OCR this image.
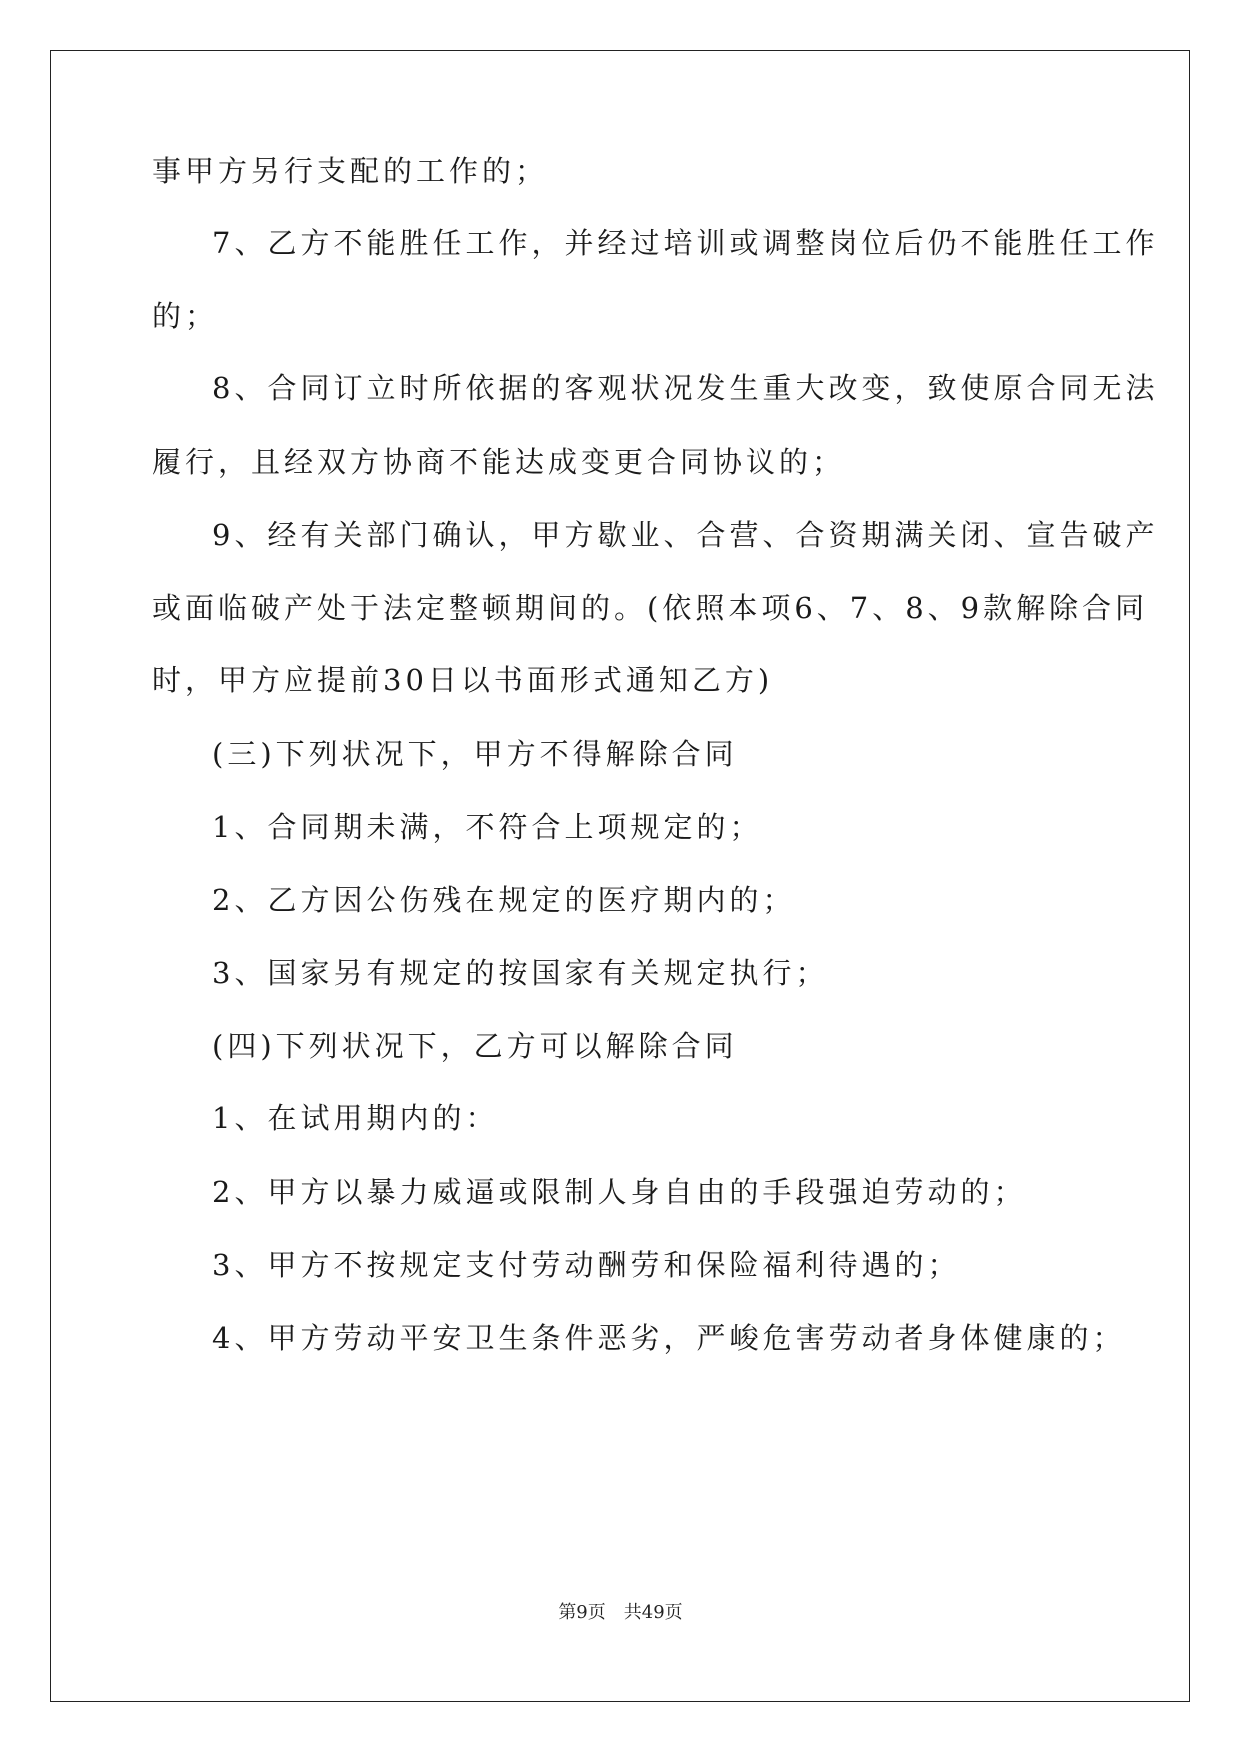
事甲方另行支配的工作的；
7、乙方不能胜任工作，并经过培训或调整岗位后仍不能胜任工作
的；
8、合同订立时所依据的客观状况发生重大改变，致使原合同无法
履行，且经双方协商不能达成变更合同协议的；
9、经有关部门确认，甲方歇业、合营、合资期满关闭、宣告破产
或面临破产处于法定整顿期间的。(依照本项6、7、8、9款解除合同
时，甲方应提前30日以书面形式通知乙方)
(三)下列状况下，甲方不得解除合同
1、合同期未满，不符合上项规定的；
2、乙方因公伤残在规定的医疗期内的；
3、国家另有规定的按国家有关规定执行；
(四)下列状况下，乙方可以解除合同
1、在试用期内的：
2、甲方以暴力威逼或限制人身自由的手段强迫劳动的；
3、甲方不按规定支付劳动酬劳和保险福利待遇的；
4、甲方劳动平安卫生条件恶劣，严峻危害劳动者身体健康的；
第9页 共49页
